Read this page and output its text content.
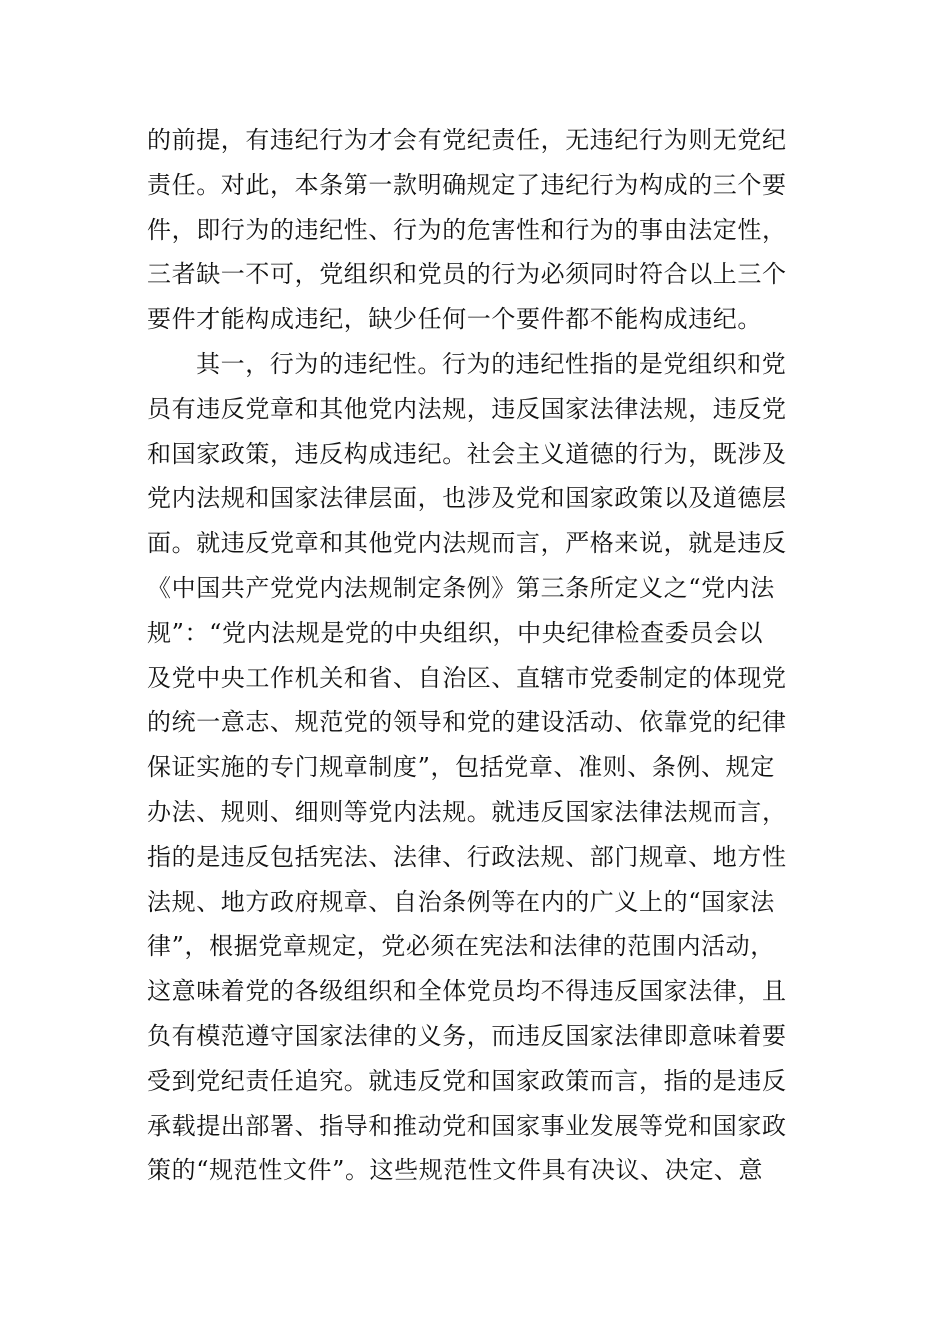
的前提，有违纪行为才会有党纪责任，无违纪行为则无党纪
责任。对此，本条第一款明确规定了违纪行为构成的三个要
件，即行为的违纪性、行为的危害性和行为的事由法定性，
三者缺一不可，党组织和党员的行为必须同时符合以上三个
要件才能构成违纪，缺少任何一个要件都不能构成违纪。
其一，行为的违纪性。行为的违纪性指的是党组织和党
员有违反党章和其他党内法规，违反国家法律法规，违反党
和国家政策，违反构成违纪。社会主义道德的行为，既涉及
党内法规和国家法律层面，也涉及党和国家政策以及道德层
面。就违反党章和其他党内法规而言，严格来说，就是违反
《中国共产党党内法规制定条例》第三条所定义之“党内法
规”：“党内法规是党的中央组织，中央纪律检查委员会以
及党中央工作机关和省、自治区、直辖市党委制定的体现党
的统一意志、规范党的领导和党的建设活动、依靠党的纪律
保证实施的专门规章制度”，包括党章、准则、条例、规定
办法、规则、细则等党内法规。就违反国家法律法规而言，
指的是违反包括宪法、法律、行政法规、部门规章、地方性
法规、地方政府规章、自治条例等在内的广义上的“国家法
律”，根据党章规定，党必须在宪法和法律的范围内活动，
这意味着党的各级组织和全体党员均不得违反国家法律，且
负有模范遵守国家法律的义务，而违反国家法律即意味着要
受到党纪责任追究。就违反党和国家政策而言，指的是违反
承载提出部署、指导和推动党和国家事业发展等党和国家政
策的“规范性文件”。这些规范性文件具有决议、决定、意
